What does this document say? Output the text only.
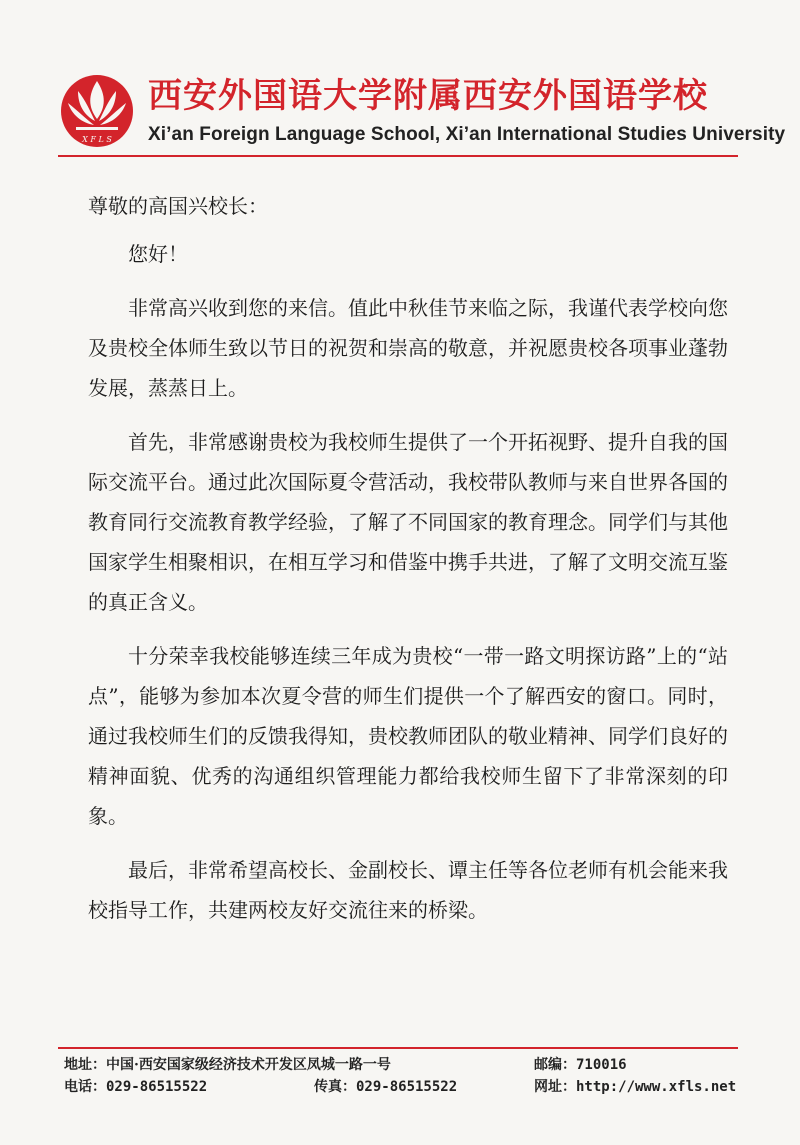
X F L S
西安外国语大学附属西安外国语学校
Xi’an Foreign Language School, Xi’an International Studies University

尊敬的高国兴校长：

您好！

非常高兴收到您的来信。值此中秋佳节来临之际，我谨代表学校向您及贵校全体师生致以节日的祝贺和崇高的敬意，并祝愿贵校各项事业蓬勃发展，蒸蒸日上。

首先，非常感谢贵校为我校师生提供了一个开拓视野、提升自我的国际交流平台。通过此次国际夏令营活动，我校带队教师与来自世界各国的教育同行交流教育教学经验，了解了不同国家的教育理念。同学们与其他国家学生相聚相识，在相互学习和借鉴中携手共进，了解了文明交流互鉴的真正含义。

十分荣幸我校能够连续三年成为贵校“一带一路文明探访路”上的“站点”，能够为参加本次夏令营的师生们提供一个了解西安的窗口。同时，通过我校师生们的反馈我得知，贵校教师团队的敬业精神、同学们良好的精神面貌、优秀的沟通组织管理能力都给我校师生留下了非常深刻的印象。

最后，非常希望高校长、金副校长、谭主任等各位老师有机会能来我校指导工作，共建两校友好交流往来的桥梁。

地址：中国·西安国家级经济技术开发区凤城一路一号	邮编：710016
电话：029-86515522	传真：029-86515522	网址：http://www.xfls.net
